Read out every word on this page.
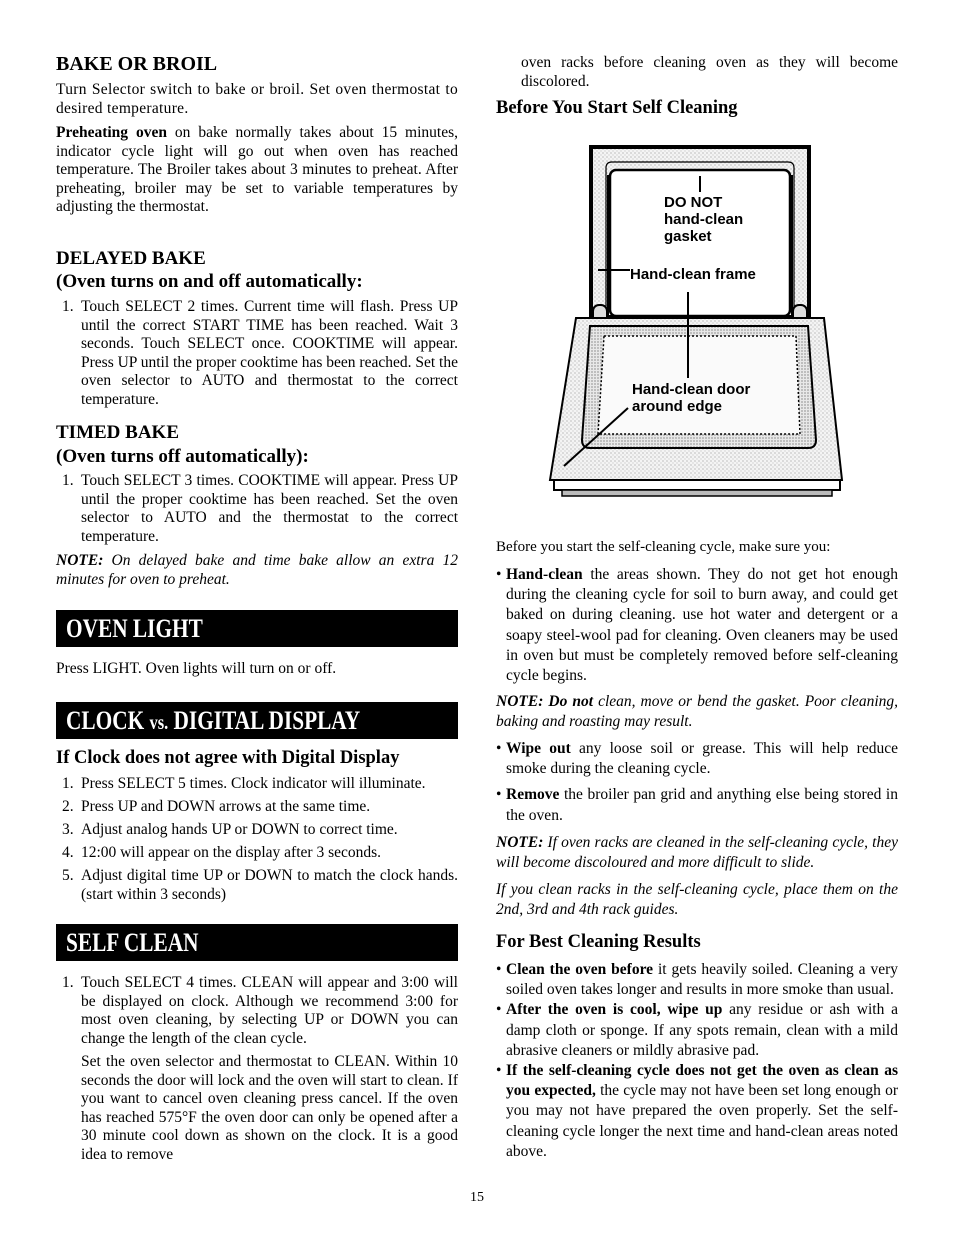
BAKE OR BROIL

Turn Selector switch to bake or broil. Set oven thermostat to desired temperature.

Preheating oven on bake normally takes about 15 minutes, indicator cycle light will go out when oven has reached temperature. The Broiler takes about 3 minutes to preheat. After preheating, broiler may be set to variable temperatures by adjusting the thermostat.

DELAYED BAKE
(Oven turns on and off automatically:
1. Touch SELECT 2 times. Current time will flash. Press UP until the correct START TIME has been reached. Wait 3 seconds. Touch SELECT once. COOKTIME will appear. Press UP until the proper cooktime has been reached. Set the oven selector to AUTO and thermostat to the correct temperature.
TIMED BAKE
(Oven turns off automatically):
1. Touch SELECT 3 times. COOKTIME will appear. Press UP until the proper cooktime has been reached. Set the oven selector to AUTO and the thermostat to the correct temperature.

NOTE: On delayed bake and time bake allow an extra 12 minutes for oven to preheat.

OVEN LIGHT

Press LIGHT. Oven lights will turn on or off.

CLOCK vs. DIGITAL DISPLAY
If Clock does not agree with Digital Display
1. Press SELECT 5 times. Clock indicator will illuminate.
2. Press UP and DOWN arrows at the same time.
3. Adjust analog hands UP or DOWN to correct time.
4. 12:00 will appear on the display after 3 seconds.
5. Adjust digital time UP or DOWN to match the clock hands. (start within 3 seconds)
SELF CLEAN
1. Touch SELECT 4 times. CLEAN will appear and 3:00 will be displayed on clock. Although we recommend 3:00 for most oven cleaning, by selecting UP or DOWN you can change the length of the clean cycle.

Set the oven selector and thermostat to CLEAN. Within 10 seconds the door will lock and the oven will start to clean. If you want to cancel oven cleaning press cancel. If the oven has reached 575°F the oven door can only be opened after a 30 minute cool down as shown on the clock. It is a good idea to remove

oven racks before cleaning oven as they will become discolored.

Before You Start Self Cleaning
DO NOT
hand-clean
gasket
Hand-clean frame
Hand-clean door
around edge

Before you start the self-cleaning cycle, make sure you:

• Hand-clean the areas shown. They do not get hot enough during the cleaning cycle for soil to burn away, and could get baked on during cleaning. use hot water and detergent or a soapy steel-wool pad for cleaning. Oven cleaners may be used in oven but must be completely removed before self-cleaning cycle begins.

NOTE: Do not clean, move or bend the gasket. Poor cleaning, baking and roasting may result.

• Wipe out any loose soil or grease. This will help reduce smoke during the cleaning cycle.
• Remove the broiler pan grid and anything else being stored in the oven.

NOTE: If oven racks are cleaned in the self-cleaning cycle, they will become discoloured and more difficult to slide.

If you clean racks in the self-cleaning cycle, place them on the 2nd, 3rd and 4th rack guides.

For Best Cleaning Results
• Clean the oven before it gets heavily soiled. Cleaning a very soiled oven takes longer and results in more smoke than usual.
• After the oven is cool, wipe up any residue or ash with a damp cloth or sponge. If any spots remain, clean with a mild abrasive cleaners or mildly abrasive pad.
• If the self-cleaning cycle does not get the oven as clean as you expected, the cycle may not have been set long enough or you may not have prepared the oven properly. Set the self-cleaning cycle longer the next time and hand-clean areas noted above.
15
